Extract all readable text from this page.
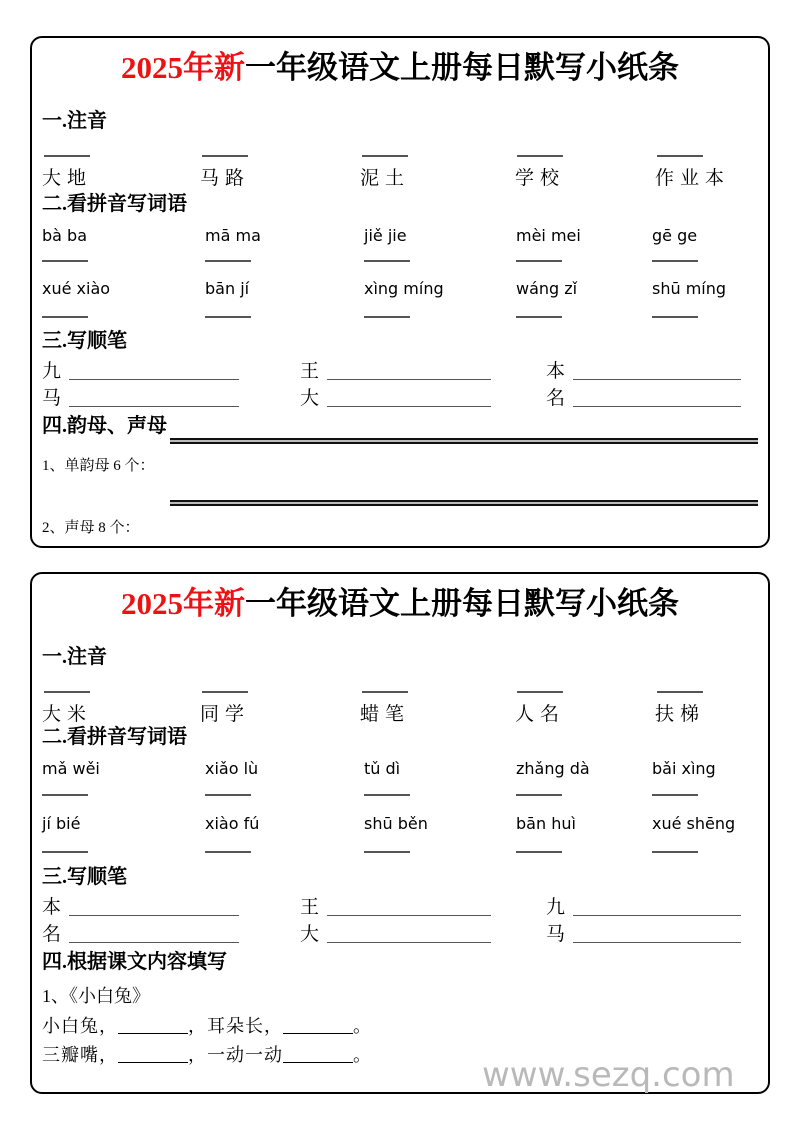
2025年新一年级语文上册每日默写小纸条
一.注音
大地	马路	泥土	学校	作业本
二.看拼音写词语
bà ba	mā ma	jiě jie	mèi mei	gē ge
xué xiào	bān jí	xìng míng	wáng zǐ	shū míng
三.写顺笔
九	王	本
马	大	名
四.韵母、声母
1、单韵母 6 个：
2、声母 8 个：
2025年新一年级语文上册每日默写小纸条
一.注音
大米	同学	蜡笔	人名	扶梯
二.看拼音写词语
mǎ wěi	xiǎo lù	tǔ dì	zhǎng dà	bǎi xìng
jí bié	xiào fú	shū běn	bān huì	xué shēng
三.写顺笔
本	王	九
名	大	马
四.根据课文内容填写
1、《小白兔》
小白兔，	，耳朵长，	。
三瓣嘴，	，一动一动	。	www.sezq.com
